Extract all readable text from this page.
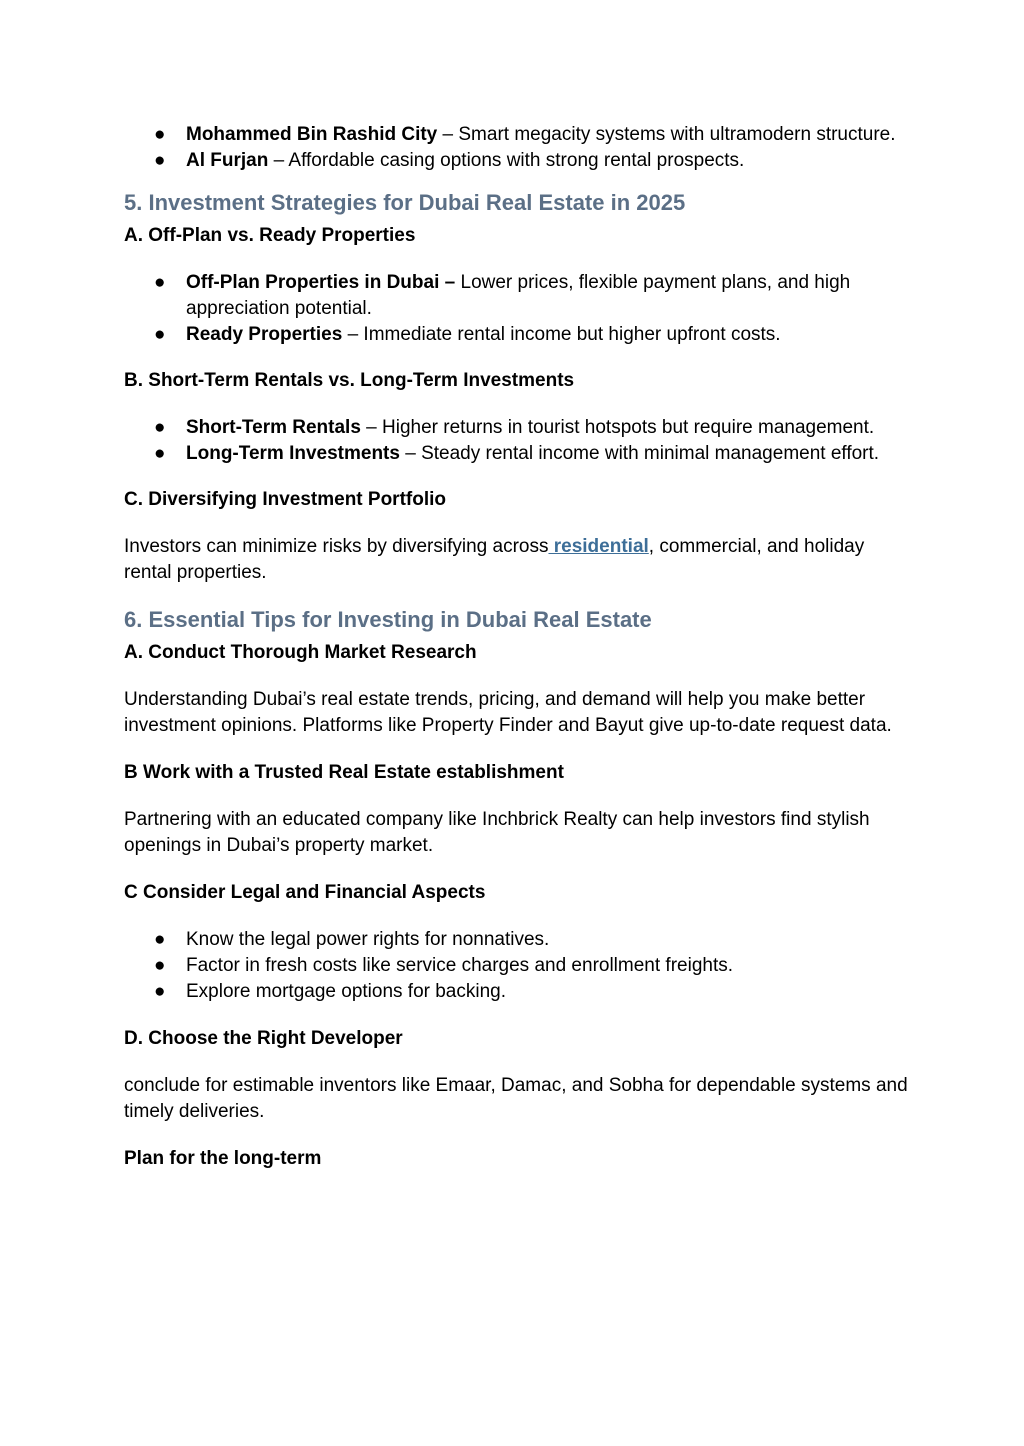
●	Mohammed Bin Rashid City – Smart megacity systems with ultramodern structure.
●	Al Furjan – Affordable casing options with strong rental prospects.
5. Investment Strategies for Dubai Real Estate in 2025
A. Off-Plan vs. Ready Properties
●	Off-Plan Properties in Dubai – Lower prices, flexible payment plans, and high appreciation potential.
●	Ready Properties – Immediate rental income but higher upfront costs.
B. Short-Term Rentals vs. Long-Term Investments
●	Short-Term Rentals – Higher returns in tourist hotspots but require management.
●	Long-Term Investments – Steady rental income with minimal management effort.
C. Diversifying Investment Portfolio

Investors can minimize risks by diversifying across residential, commercial, and holiday rental properties.

6. Essential Tips for Investing in Dubai Real Estate
A. Conduct Thorough Market Research

Understanding Dubai’s real estate trends, pricing, and demand will help you make better investment opinions. Platforms like Property Finder and Bayut give up-to-date request data.

B Work with a Trusted Real Estate establishment

Partnering with an educated company like Inchbrick Realty can help investors find stylish openings in Dubai’s property market.

C Consider Legal and Financial Aspects
●	Know the legal power rights for nonnatives.
●	Factor in fresh costs like service charges and enrollment freights.
●	Explore mortgage options for backing.
D. Choose the Right Developer

conclude for estimable inventors like Emaar, Damac, and Sobha for dependable systems and timely deliveries.

Plan for the long-term
